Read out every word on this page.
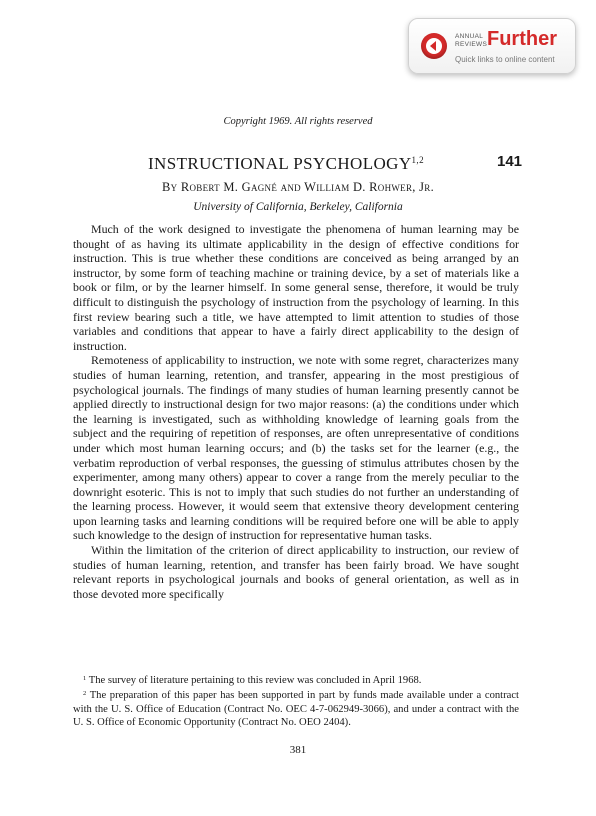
ANNUAL
REVIEWS Further
Quick links to online content
Copyright 1969. All rights reserved
INSTRUCTIONAL PSYCHOLOGY$^{1,2}$	141
By Robert M. Gagné and William D. Rohwer, Jr.
University of California, Berkeley, California

Much of the work designed to investigate the phenomena of human learning may be thought of as having its ultimate applicability in the design of effective conditions for instruction. This is true whether these conditions are conceived as being arranged by an instructor, by some form of teaching machine or training device, by a set of materials like a book or film, or by the learner himself. In some general sense, therefore, it would be truly difficult to distinguish the psychology of instruction from the psychology of learning. In this first review bearing such a title, we have attempted to limit attention to studies of those variables and conditions that appear to have a fairly direct applicability to the design of instruction.

Remoteness of applicability to instruction, we note with some regret, characterizes many studies of human learning, retention, and transfer, appearing in the most prestigious of psychological journals. The findings of many studies of human learning presently cannot be applied directly to instructional design for two major reasons: (a) the conditions under which the learning is investigated, such as withholding knowledge of learning goals from the subject and the requiring of repetition of responses, are often unrepresentative of conditions under which most human learning occurs; and (b) the tasks set for the learner (e.g., the verbatim reproduction of verbal responses, the guessing of stimulus attributes chosen by the experimenter, among many others) appear to cover a range from the merely peculiar to the downright esoteric. This is not to imply that such studies do not further an understanding of the learning process. However, it would seem that extensive theory development centering upon learning tasks and learning conditions will be required before one will be able to apply such knowledge to the design of instruction for representative human tasks.

Within the limitation of the criterion of direct applicability to instruction, our review of studies of human learning, retention, and transfer has been fairly broad. We have sought relevant reports in psychological journals and books of general orientation, as well as in those devoted more specifically

$^1$ The survey of literature pertaining to this review was concluded in April 1968.

$^2$ The preparation of this paper has been supported in part by funds made available under a contract with the U. S. Office of Education (Contract No. OEC 4-7-062949-3066), and under a contract with the U. S. Office of Economic Opportunity (Contract No. OEO 2404).

381
